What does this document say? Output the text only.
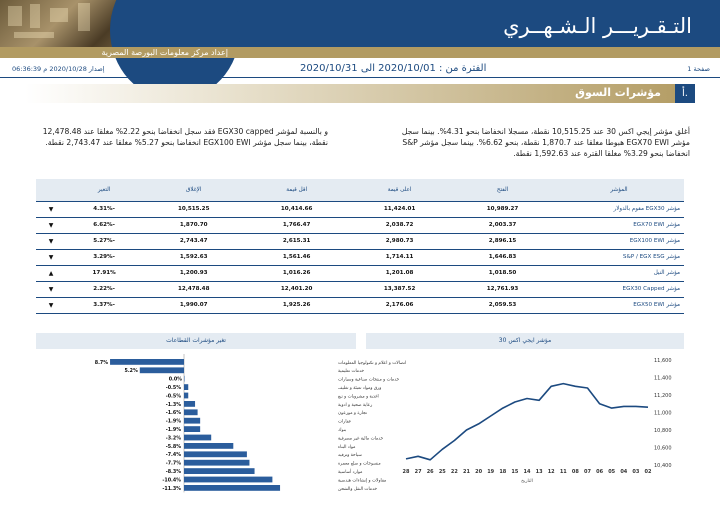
التـقـريـــر الـشـهــري
إعداد مركز معلومات البورصة المصرية
صفحة 1
الفترة من : 2020/10/01 الى 2020/10/31
إصدار 2020/10/28 م 06:36:39
أ.
مؤشرات السوق
أغلق مؤشر إيجي اكس 30 عند 10,515.25 نقطة، مسجلا انخفاضا بنحو 4.31%. بينما سجل مؤشر EGX70 EWI هبوطا مغلقا عند 1,870.7 نقطة، بنحو 6.62%. بينما سجل مؤشر S&P انخفاضا بنحو 3.29% مغلقا القترة عند 1,592.63 نقطة.
و بالنسبة لمؤشر EGX30 capped فقد سجل انخفاضا بنحو 2.22% مغلقا عند 12,478.48 نقطة، بينما سجل مؤشر EGX100 EWI انخفاضا بنحو 5.27% مغلقا عند 2,743.47 نقطة.
المؤشر	الفتح	اعلى قيمة	اقل قيمة	الإغلاق	التغير	
مؤشر EGX30 مقوم بالدولار	10,989.27	11,424.01	10,414.66	10,515.25	-4.31%	▼
مؤشر EGX70 EWI	2,003.37	2,038.72	1,766.47	1,870.70	-6.62%	▼
مؤشر EGX100 EWI	2,896.15	2,980.73	2,615.31	2,743.47	-5.27%	▼
مؤشر S&P / EGX ESG	1,646.83	1,714.11	1,561.46	1,592.63	-3.29%	▼
مؤشر النيل	1,018.50	1,201.08	1,016.26	1,200.93	17.91%	▲
مؤشر EGX30 Capped	12,761.93	13,387.52	12,401.20	12,478.48	-2.22%	▼
مؤشر EGX50 EWI	2,059.53	2,176.06	1,925.26	1,990.07	-3.37%	▼
تغير مؤشرات القطاعات
8.7%	اتصالات و اعلام و تكنولوجيا المعلومات
5.2%	خدمات تعليمية
0.0%	خدمات و منتجات صناعية وسيارات
-0.5%	ورق ومواد تعبئة و تغليف
-0.5%	اغذية و مشروبات و تبغ
-1.3%	رعاية صحية و ادوية
-1.6%	تجارة و موزعون
-1.9%	عقارات
-1.9%	بنوك
-3.2%	خدمات مالية غير مصرفية
-5.8%	مواد البناء
-7.4%	سياحة وترفيه
-7.7%	منسوجات و سلع معمرة
-8.3%	موارد أساسية
-10.4%	مقاولات و إنشاءات هندسية
-11.3%	خدمات النقل والشحن
مؤشر ايجي اكس 30
10,400
10,600
10,800
11,000
11,200
11,400
11,600
28 27 26 25 22 21 20 19 18 15 14 13 12 11 08 07 06 05 04 03 02
التاريخ
